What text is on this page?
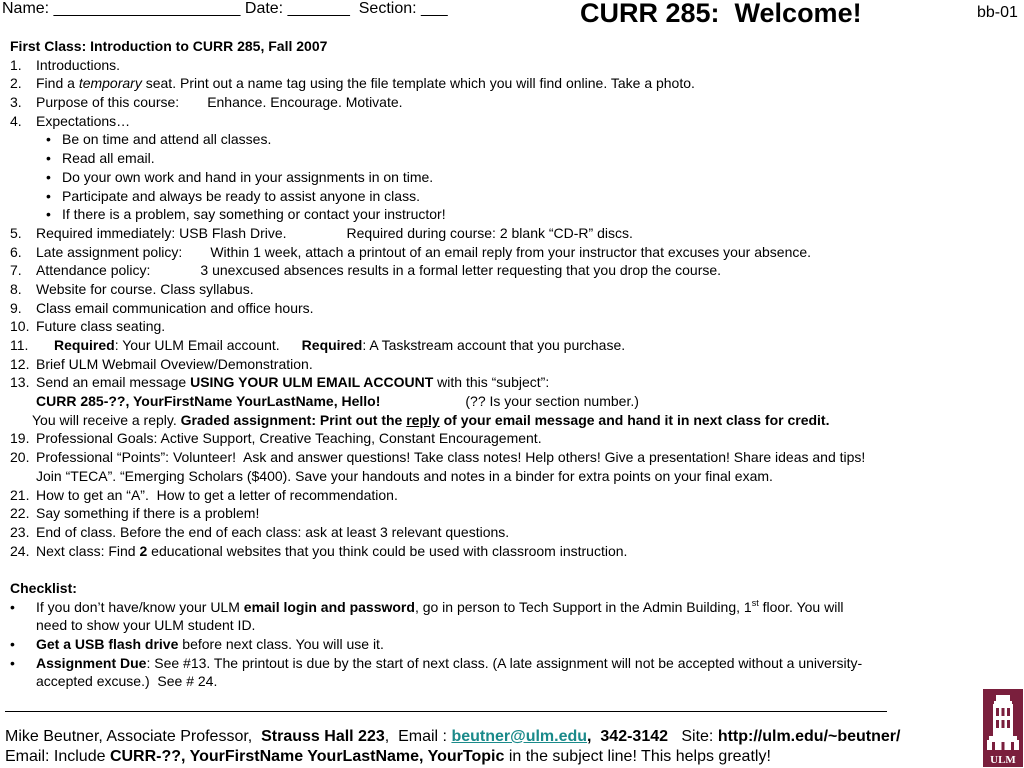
Name: _____________________ Date: _______  Section: ___	CURR 285:  Welcome!	bb-01
First Class: Introduction to CURR 285, Fall 2007
1. Introductions.
2. Find a temporary seat. Print out a name tag using the file template which you will find online. Take a photo.
3. Purpose of this course: Enhance. Encourage. Motivate.
4. Expectations…
• Be on time and attend all classes.
• Read all email.
• Do your own work and hand in your assignments in on time.
• Participate and always be ready to assist anyone in class.
• If there is a problem, say something or contact your instructor!
5. Required immediately: USB Flash Drive.	Required during course: 2 blank “CD-R” discs.
6. Late assignment policy: Within 1 week, attach a printout of an email reply from your instructor that excuses your absence.
7. Attendance policy:	3 unexcused absences results in a formal letter requesting that you drop the course.
8. Website for course. Class syllabus.
9. Class email communication and office hours.
10. Future class seating.
11. Required: Your ULM Email account. Required: A Taskstream account that you purchase.
12. Brief ULM Webmail Oveview/Demonstration.
13. Send an email message USING YOUR ULM EMAIL ACCOUNT with this “subject”:
CURR 285-??, YourFirstName YourLastName, Hello!	(?? Is your section number.)
You will receive a reply. Graded assignment: Print out the reply of your email message and hand it in next class for credit.
19. Professional Goals: Active Support, Creative Teaching, Constant Encouragement.
20. Professional “Points”: Volunteer!  Ask and answer questions! Take class notes! Help others! Give a presentation! Share ideas and tips!
Join “TECA”. “Emerging Scholars ($400). Save your handouts and notes in a binder for extra points on your final exam.
21. How to get an “A”.  How to get a letter of recommendation.
22. Say something if there is a problem!
23. End of class. Before the end of each class: ask at least 3 relevant questions.
24. Next class: Find 2 educational websites that you think could be used with classroom instruction.
Checklist:
• If you don’t have/know your ULM email login and password, go in person to Tech Support in the Admin Building, 1st floor. You will
need to show your ULM student ID.
• Get a USB flash drive before next class. You will use it.
• Assignment Due: See #13. The printout is due by the start of next class. (A late assignment will not be accepted without a university-
accepted excuse.)  See # 24.
Mike Beutner, Associate Professor,  Strauss Hall 223,  Email : beutner@ulm.edu,  342-3142   Site: http://ulm.edu/~beutner/
Email: Include CURR-??, YourFirstName YourLastName, YourTopic in the subject line! This helps greatly!	ULM
